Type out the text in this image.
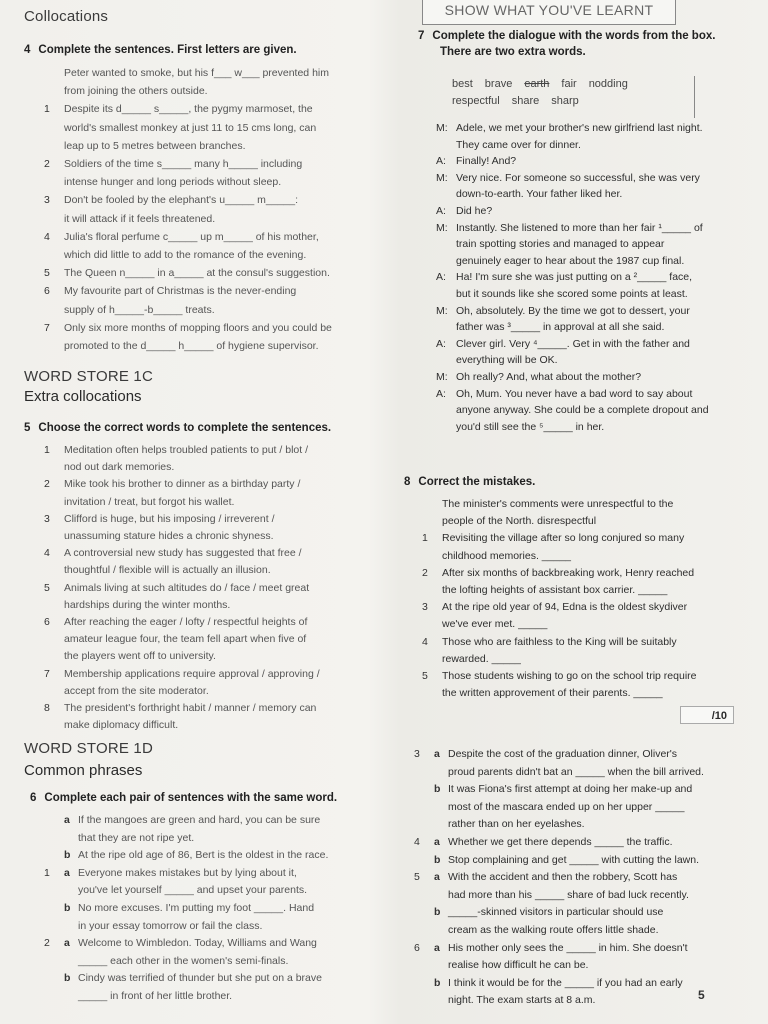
Collocations
4 Complete the sentences. First letters are given.
Peter wanted to smoke, but his f___ w___ prevented him
from joining the others outside.
1 Despite its d_____ s_____, the pygmy marmoset, the
world's smallest monkey at just 11 to 15 cms long, can
leap up to 5 metres between branches.
2 Soldiers of the time s_____ many h_____ including
intense hunger and long periods without sleep.
3 Don't be fooled by the elephant's u_____ m_____:
it will attack if it feels threatened.
4 Julia's floral perfume c_____ up m_____ of his mother,
which did little to add to the romance of the evening.
5 The Queen n_____ in a_____ at the consul's suggestion.
6 My favourite part of Christmas is the never-ending
supply of h_____-b_____ treats.
7 Only six more months of mopping floors and you could be
promoted to the d_____ h_____ of hygiene supervisor.
WORD STORE 1C
Extra collocations
5 Choose the correct words to complete the sentences.
1 Meditation often helps troubled patients to put / blot /
nod out dark memories.
2 Mike took his brother to dinner as a birthday party /
invitation / treat, but forgot his wallet.
3 Clifford is huge, but his imposing / irreverent /
unassuming stature hides a chronic shyness.
4 A controversial new study has suggested that free /
thoughtful / flexible will is actually an illusion.
5 Animals living at such altitudes do / face / meet great
hardships during the winter months.
6 After reaching the eager / lofty / respectful heights of
amateur league four, the team fell apart when five of
the players went off to university.
7 Membership applications require approval / approving /
accept from the site moderator.
8 The president's forthright habit / manner / memory can
make diplomacy difficult.
WORD STORE 1D
Common phrases
6 Complete each pair of sentences with the same word.
a If the mangoes are green and hard, you can be sure
that they are not ripe yet.
b At the ripe old age of 86, Bert is the oldest in the race.
1 a Everyone makes mistakes but by lying about it,
you've let yourself _____ and upset your parents.
b No more excuses. I'm putting my foot _____. Hand
in your essay tomorrow or fail the class.
2 a Welcome to Wimbledon. Today, Williams and Wang
_____ each other in the women's semi-finals.
b Cindy was terrified of thunder but she put on a brave
_____ in front of her little brother.
SHOW WHAT YOU'VE LEARNT
7 Complete the dialogue with the words from the box.
There are two extra words.
best brave earth fair nodding
respectful share sharp
M: Adele, we met your brother's new girlfriend last night.
They came over for dinner.
A: Finally! And?
M: Very nice. For someone so successful, she was very
down-to-earth. Your father liked her.
A: Did he?
M: Instantly. She listened to more than her fair ¹_____ of
train spotting stories and managed to appear
genuinely eager to hear about the 1987 cup final.
A: Ha! I'm sure she was just putting on a ²_____ face,
but it sounds like she scored some points at least.
M: Oh, absolutely. By the time we got to dessert, your
father was ³_____ in approval at all she said.
A: Clever girl. Very ⁴_____. Get in with the father and
everything will be OK.
M: Oh really? And, what about the mother?
A: Oh, Mum. You never have a bad word to say about
anyone anyway. She could be a complete dropout and
you'd still see the ⁵_____ in her.
8 Correct the mistakes.
The minister's comments were unrespectful to the
people of the North. disrespectful
1 Revisiting the village after so long conjured so many
childhood memories. _____
2 After six months of backbreaking work, Henry reached
the lofting heights of assistant box carrier. _____
3 At the ripe old year of 94, Edna is the oldest skydiver
we've ever met. _____
4 Those who are faithless to the King will be suitably
rewarded. _____
5 Those students wishing to go on the school trip require
the written approvement of their parents. _____
/10
3 a Despite the cost of the graduation dinner, Oliver's
proud parents didn't bat an _____ when the bill arrived.
b It was Fiona's first attempt at doing her make-up and
most of the mascara ended up on her upper _____
rather than on her eyelashes.
4 a Whether we get there depends _____ the traffic.
b Stop complaining and get _____ with cutting the lawn.
5 a With the accident and then the robbery, Scott has
had more than his _____ share of bad luck recently.
b _____-skinned visitors in particular should use
cream as the walking route offers little shade.
6 a His mother only sees the _____ in him. She doesn't
realise how difficult he can be.
b I think it would be for the _____ if you had an early
night. The exam starts at 8 a.m.	5
